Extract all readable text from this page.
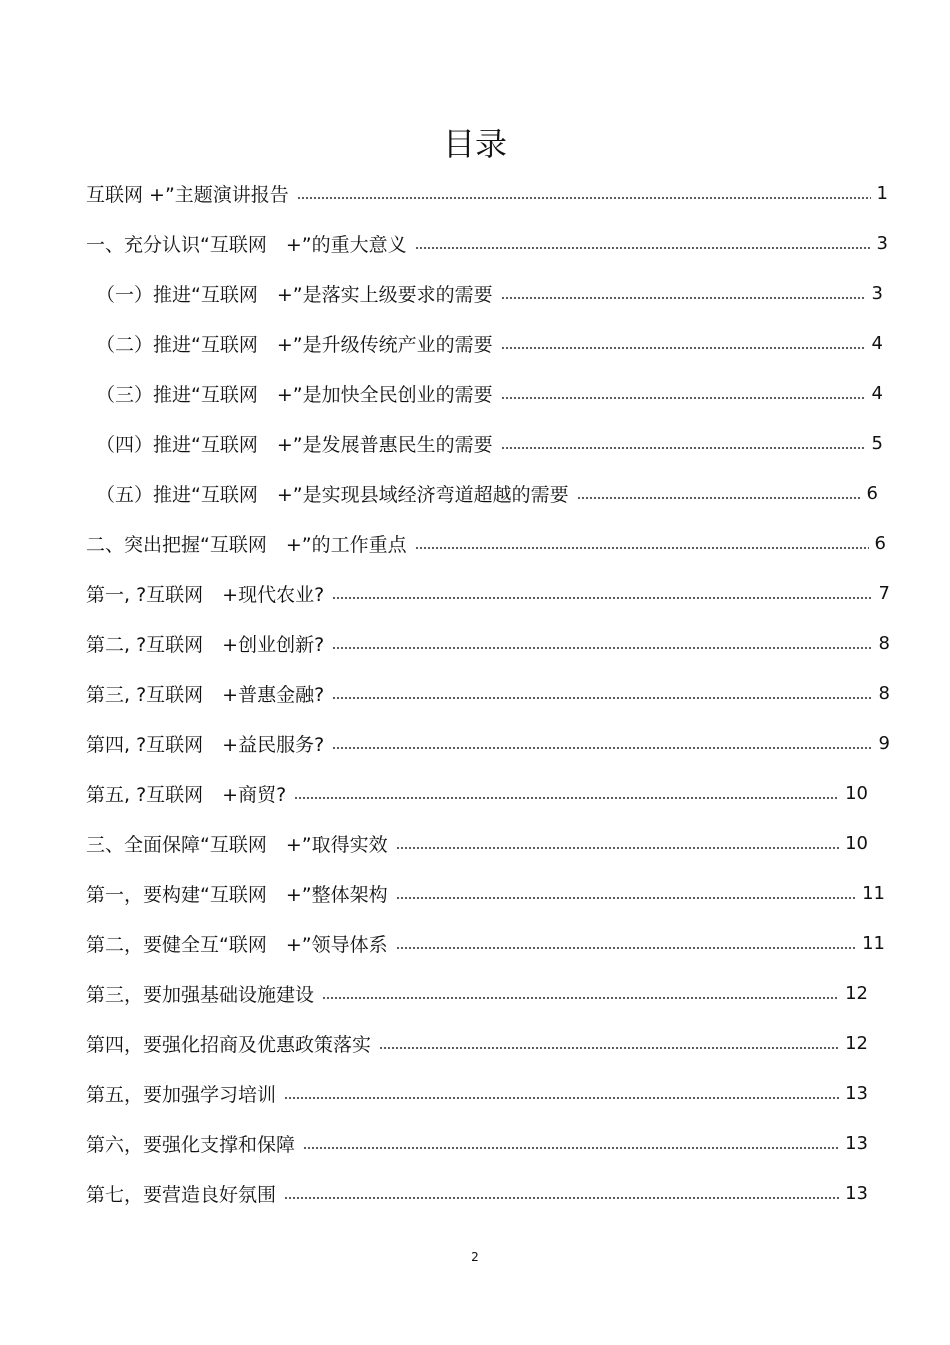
目录
互联网 +”主题演讲报告	1
一、充分认识“互联网　+”的重大意义	3
（一）推进“互联网　+”是落实上级要求的需要	3
（二）推进“互联网　+”是升级传统产业的需要	4
（三）推进“互联网　+”是加快全民创业的需要	4
（四）推进“互联网　+”是发展普惠民生的需要	5
（五）推进“互联网　+”是实现县域经济弯道超越的需要	6
二、突出把握“互联网　+”的工作重点	6
第一, ?互联网　+现代农业?	7
第二, ?互联网　+创业创新?	8
第三, ?互联网　+普惠金融?	8
第四, ?互联网　+益民服务?	9
第五, ?互联网　+商贸?	10
三、全面保障“互联网　+”取得实效	10
第一，要构建“互联网　+”整体架构	11
第二，要健全互“联网　+”领导体系	11
第三，要加强基础设施建设	12
第四，要强化招商及优惠政策落实	12
第五，要加强学习培训	13
第六，要强化支撑和保障	13
第七，要营造良好氛围	13
2
